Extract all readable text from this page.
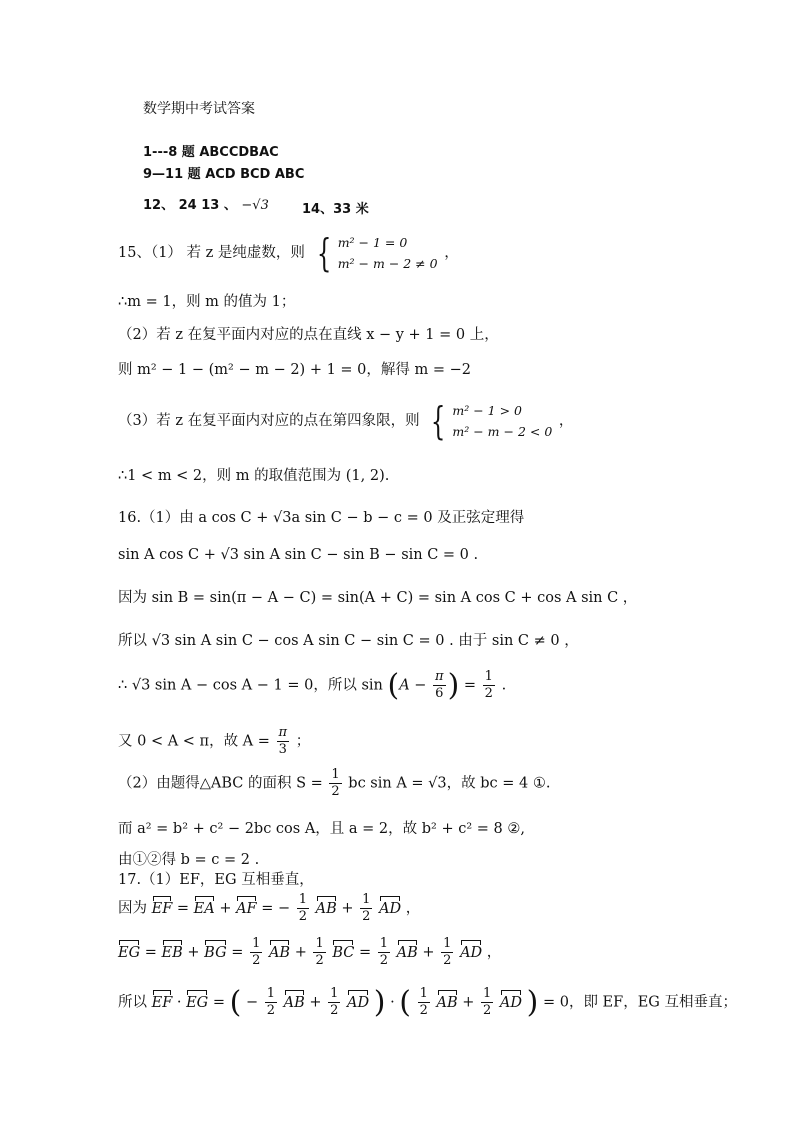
数学期中考试答案
1---8 题 ABCCDBAC
9—11 题 ACD BCD ABC
12、 24 13 、 −√3	14、33 米
15、（1） 若 z 是纯虚数，则 { m² − 1 = 0
m² − m − 2 ≠ 0
，
∴m = 1，则 m 的值为 1；
（2）若 z 在复平面内对应的点在直线 x − y + 1 = 0 上，
则 m² − 1 − (m² − m − 2) + 1 = 0，解得 m = −2
（3）若 z 在复平面内对应的点在第四象限，则 { m² − 1 > 0
m² − m − 2 < 0
，
∴1 < m < 2，则 m 的取值范围为 (1, 2).
16.（1）由 a cos C + √3a sin C − b − c = 0 及正弦定理得
sin A cos C + √3 sin A sin C − sin B − sin C = 0 .
因为 sin B = sin(π − A − C) = sin(A + C) = sin A cos C + cos A sin C ，
所以 √3 sin A sin C − cos A sin C − sin C = 0 . 由于 sin C ≠ 0 ，
∴ √3 sin A − cos A − 1 = 0，所以 $\sin (A - \frac{\pi}{6}$ ) = $\frac{1}{2}$ .
又 0 < A < π，故 $A = \frac{\pi}{3}$ ；
（2）由题得△ABC 的面积 $S = \frac{1}{2}$ bc sin A = √3，故 bc = 4 ①.
而 a² = b² + c² − 2bc cos A，且 a = 2，故 b² + c² = 8 ②,
由①②得 b = c = 2 .
17.（1）EF，EG 互相垂直，
因为 EF = EA + AF = − $\frac{1}{2}$ AB + $\frac{1}{2}$ AD ，
EG = EB + BG = $\frac{1}{2}$ AB + $\frac{1}{2}$ BC = $\frac{1}{2}$ AB + $\frac{1}{2}$ AD ，
所以 EF · EG = ( − $\frac{1}{2}$ AB + $\frac{1}{2}$ AD ) · ( $\frac{1}{2}$ AB + $\frac{1}{2}$ AD ) = 0，即 EF，EG 互相垂直；
